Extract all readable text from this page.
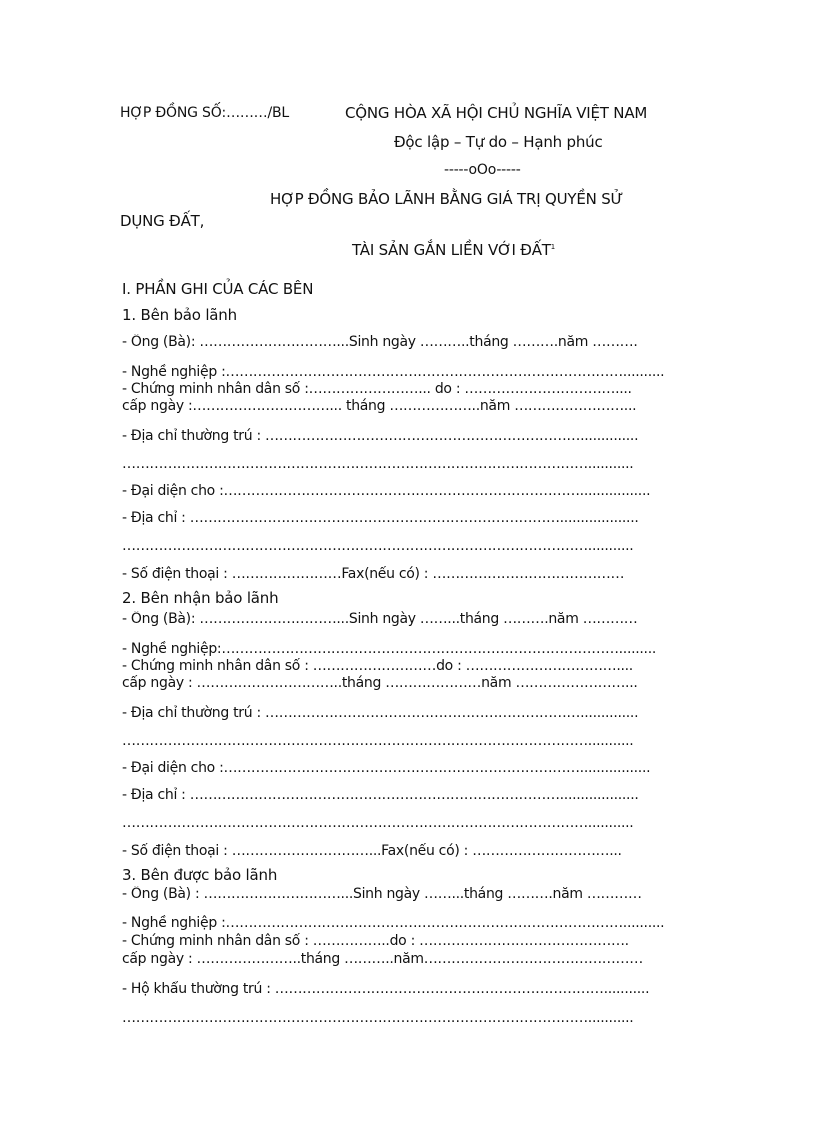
HỢP ĐỒNG SỐ:………/BL	CỘNG HÒA XÃ HỘI CHỦ NGHĨA VIỆT NAM
Độc lập – Tự do – Hạnh phúc
-----oOo-----
HỢP ĐỒNG BẢO LÃNH BẰNG GIÁ TRỊ QUYỀN SỬ
DỤNG ĐẤT,
TÀI SẢN GẮN LIỀN VỚI ĐẤT$^1$
I. PHẦN GHI CỦA CÁC BÊN
1. Bên bảo lãnh
- Ông (Bà): …………………………...Sinh ngày ………..tháng ……….năm ……….
- Nghề nghiệp :……………………………………………………………………………..........
- Chứng minh nhân dân số :……………………... do : ……………………………....
cấp ngày :…………………………... tháng ………………..năm ……………………...
- Địa chỉ thường trú : ……………………………………………………………..............
…………………………………………………………………………………………...........
- Đại diện cho :…………………………………………………………………….................
- Địa chỉ : ………………………………………………………………………...................
…………………………………………………………………………………………...........
- Số điện thoại : ……………………Fax(nếu có) : ……………………………………
2. Bên nhận bảo lãnh
- Ông (Bà): …………………………...Sinh ngày ……...tháng ……….năm …………
- Nghề nghiệp:…………………………………………………………………………….........
- Chứng minh nhân dân số : ………………………do : ……………………………....
cấp ngày : …………………………..tháng …………………năm ……………………...
- Địa chỉ thường trú : ……………………………………………………………..............
…………………………………………………………………………………………...........
- Đại diện cho :…………………………………………………………………….................
- Địa chỉ : ………………………………………………………………………...................
…………………………………………………………………………………………...........
- Số điện thoại : …………………………...Fax(nếu có) : …………………………...
3. Bên được bảo lãnh
- Ông (Bà) : …………………………...Sinh ngày ……...tháng ……….năm …………
- Nghề nghiệp :……………………………………………………………………………..........
- Chứng minh nhân dân số : ……………..do : ……………………………………….
cấp ngày : …………………..tháng ………..năm…………………………………………
- Hộ khẩu thường trú : ………………………………………………………………...........
…………………………………………………………………………………………...........
